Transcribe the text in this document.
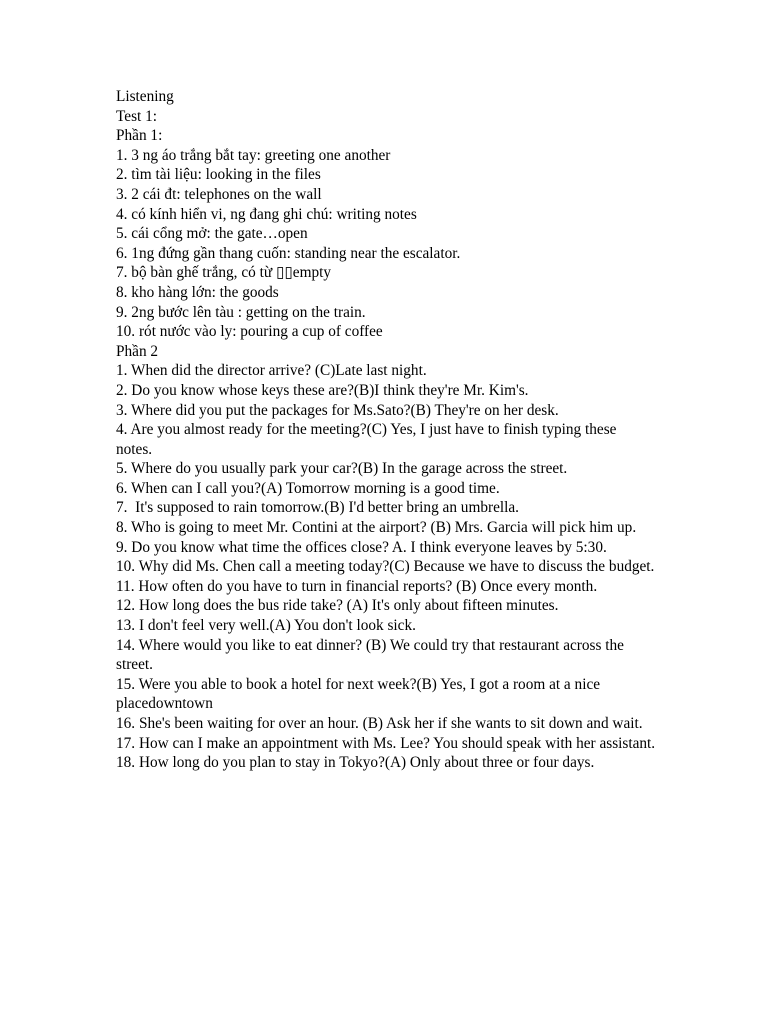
Listening

Test 1:

Phần 1:

1. 3 ng áo trắng bắt tay: greeting one another

2. tìm tài liệu: looking in the files

3. 2 cái đt: telephones on the wall

4. có kính hiển vi, ng đang ghi chú: writing notes

5. cái cổng mở: the gate…open

6. 1ng đứng gần thang cuốn: standing near the escalator.

7. bộ bàn ghế trắng, có từ ▯▯empty

8. kho hàng lớn: the goods

9. 2ng bước lên tàu : getting on the train.

10. rót nước vào ly: pouring a cup of coffee

Phần 2

1. When did the director arrive? (C)Late last night.

2. Do you know whose keys these are?(B)I think they're Mr. Kim's.

3. Where did you put the packages for Ms.Sato?(B) They're on her desk.

4. Are you almost ready for the meeting?(C) Yes, I just have to finish typing these notes.

5. Where do you usually park your car?(B) In the garage across the street.

6. When can I call you?(A) Tomorrow morning is a good time.

7.  It's supposed to rain tomorrow.(B) I'd better bring an umbrella.

8. Who is going to meet Mr. Contini at the airport? (B) Mrs. Garcia will pick him up.

9. Do you know what time the offices close? A. I think everyone leaves by 5:30.

10. Why did Ms. Chen call a meeting today?(C) Because we have to discuss the budget.

11. How often do you have to turn in financial reports? (B) Once every month.

12. How long does the bus ride take? (A) It's only about fifteen minutes.

13. I don't feel very well.(A) You don't look sick.

14. Where would you like to eat dinner? (B) We could try that restaurant across the street.

15. Were you able to book a hotel for next week?(B) Yes, I got a room at a nice placedowntown

16. She's been waiting for over an hour. (B) Ask her if she wants to sit down and wait.

17. How can I make an appointment with Ms. Lee? You should speak with her assistant.

18. How long do you plan to stay in Tokyo?(A) Only about three or four days.
